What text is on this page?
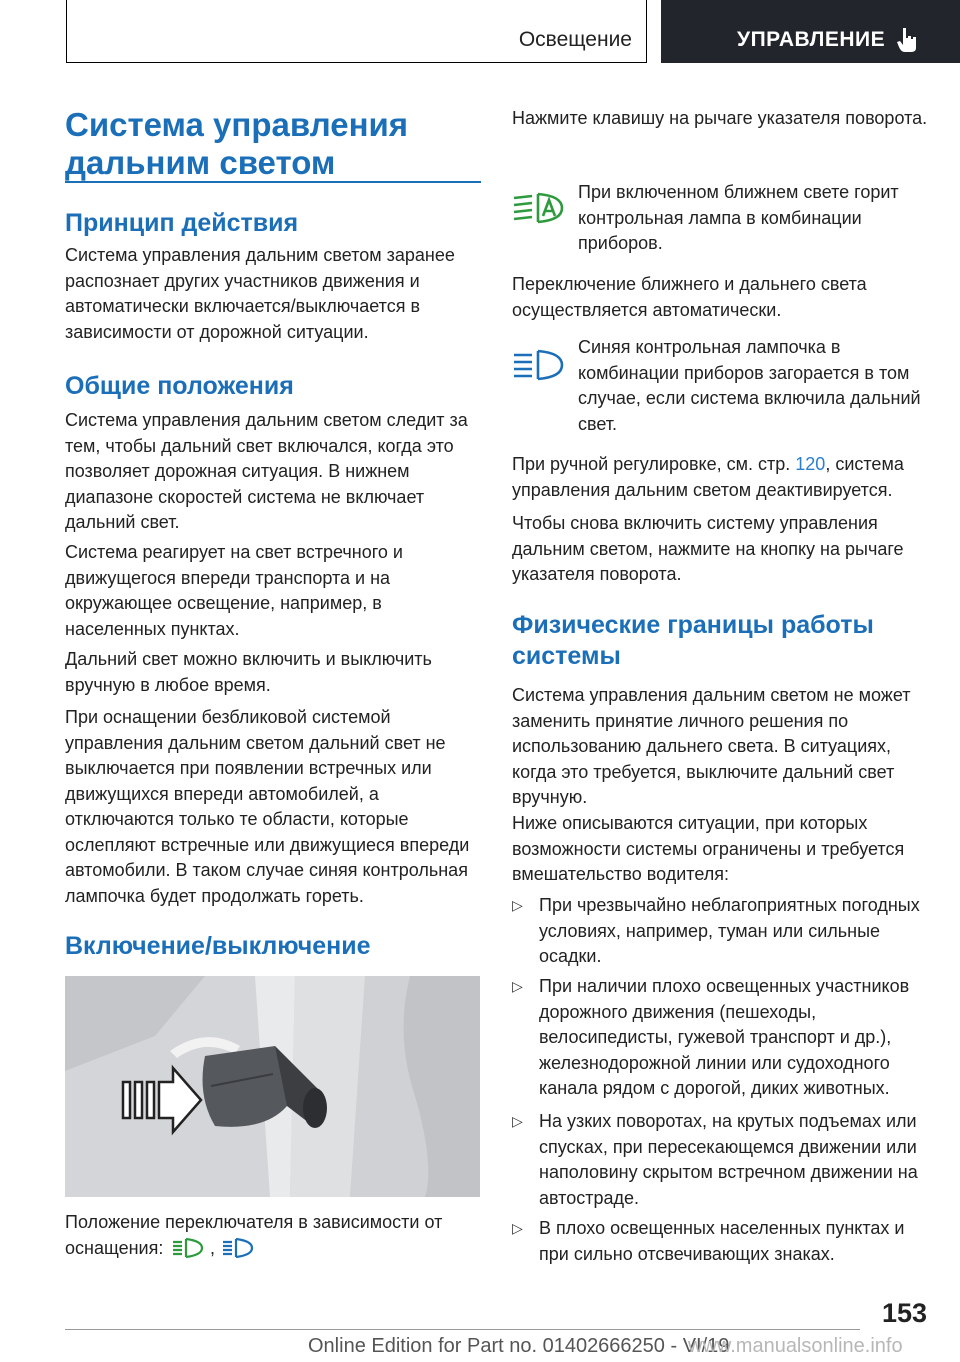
Освещение	УПРАВЛЕНИЕ
Система управления дальним светом
Принцип действия

Система управления дальним светом заранее распознает других участников движения и автоматически включается/выключается в зависимости от дорожной ситуации.

Общие положения

Система управления дальним светом следит за тем, чтобы дальний свет включался, когда это позволяет дорожная ситуация. В нижнем диапазоне скоростей система не включает дальний свет.

Система реагирует на свет встречного и движущегося впереди транспорта и на окружающее освещение, например, в населенных пунктах.

Дальний свет можно включить и выключить вручную в любое время.

При оснащении безбликовой системой управления дальним светом дальний свет не выключается при появлении встречных или движущихся впереди автомобилей, а отключаются только те области, которые ослепляют встречные или движущиеся впереди автомобили. В таком случае синяя контрольная лампочка будет продолжать гореть.

Включение/выключение

Положение переключателя в зависимости от оснащения:	,

Нажмите клавишу на рычаге указателя поворота.

При включенном ближнем свете горит контрольная лампа в комбинации приборов.

Переключение ближнего и дальнего света осуществляется автоматически.

Синяя контрольная лампочка в комбинации приборов загорается в том случае, если система включила дальний свет.

При ручной регулировке, см. стр. 120, система управления дальним светом деактивируется.

Чтобы снова включить систему управления дальним светом, нажмите на кнопку на рычаге указателя поворота.

Физические границы работы системы

Система управления дальним светом не может заменить принятие личного решения по использованию дальнего света. В ситуациях, когда это требуется, выключите дальний свет вручную.

Ниже описываются ситуации, при которых возможности системы ограничены и требуется вмешательство водителя:

▷ При чрезвычайно неблагоприятных погодных условиях, например, туман или сильные осадки.

▷ При наличии плохо освещенных участников дорожного движения (пешеходы, велосипедисты, гужевой транспорт и др.), железнодорожной линии или судоходного канала рядом с дорогой, диких животных.

▷ На узких поворотах, на крутых подъемах или спусках, при пересекающемся движении или наполовину скрытом встречном движении на автостраде.

▷ В плохо освещенных населенных пунктах и при сильно отсвечивающих знаках.

153
Online Edition for Part no. 01402666250 - VI/19
www.manualsonline.info
